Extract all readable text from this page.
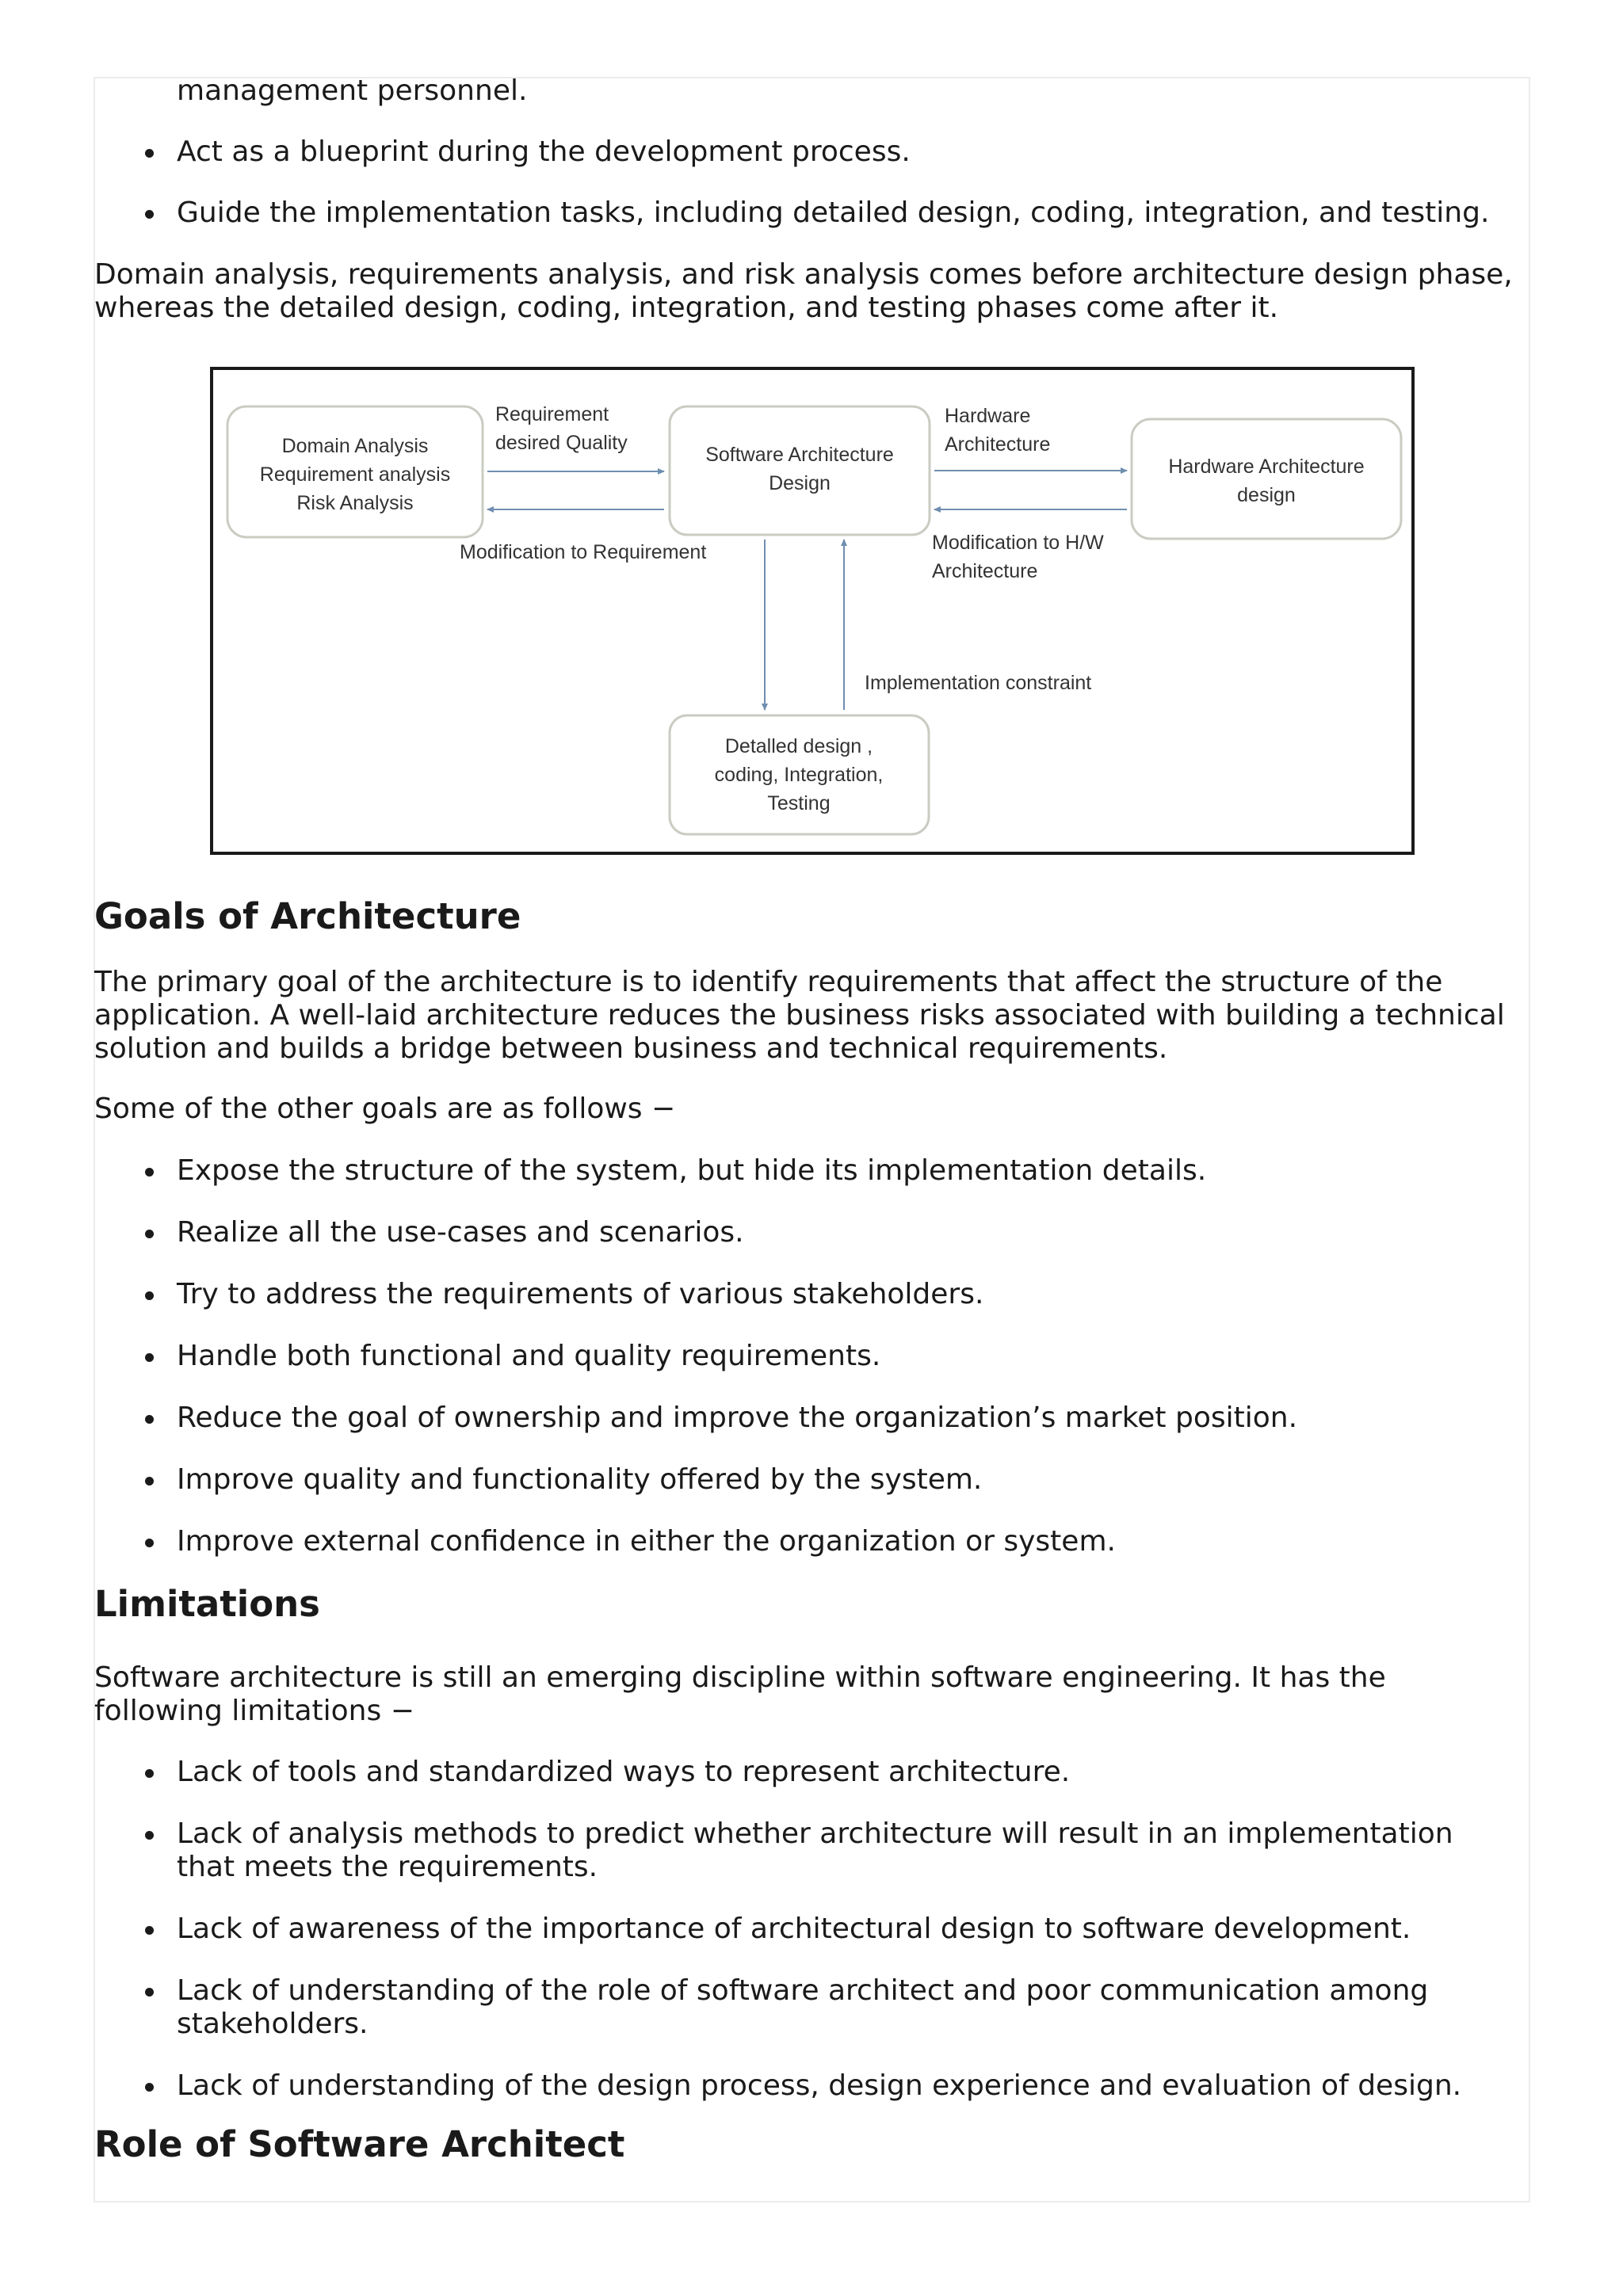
management personnel.
Act as a blueprint during the development process.
Guide the implementation tasks, including detailed design, coding, integration, and testing.

Domain analysis, requirements analysis, and risk analysis comes before architecture design phase, whereas the detailed design, coding, integration, and testing phases come after it.

Domain Analysis
Requirement analysis
Risk Analysis
Software Architecture
Design
Hardware Architecture
design
Detalled design ,
coding, Integration,
Testing
Requirement
desired Quality
Modification to Requirement
Hardware
Architecture
Modification to H/W
Architecture
Implementation constraint
Goals of Architecture

The primary goal of the architecture is to identify requirements that affect the structure of the application. A well-laid architecture reduces the business risks associated with building a technical solution and builds a bridge between business and technical requirements.

Some of the other goals are as follows −

Expose the structure of the system, but hide its implementation details.
Realize all the use-cases and scenarios.
Try to address the requirements of various stakeholders.
Handle both functional and quality requirements.
Reduce the goal of ownership and improve the organization’s market position.
Improve quality and functionality offered by the system.
Improve external confidence in either the organization or system.
Limitations

Software architecture is still an emerging discipline within software engineering. It has the following limitations −

Lack of tools and standardized ways to represent architecture.
Lack of analysis methods to predict whether architecture will result in an implementation that meets the requirements.
Lack of awareness of the importance of architectural design to software development.
Lack of understanding of the role of software architect and poor communication among stakeholders.
Lack of understanding of the design process, design experience and evaluation of design.
Role of Software Architect
